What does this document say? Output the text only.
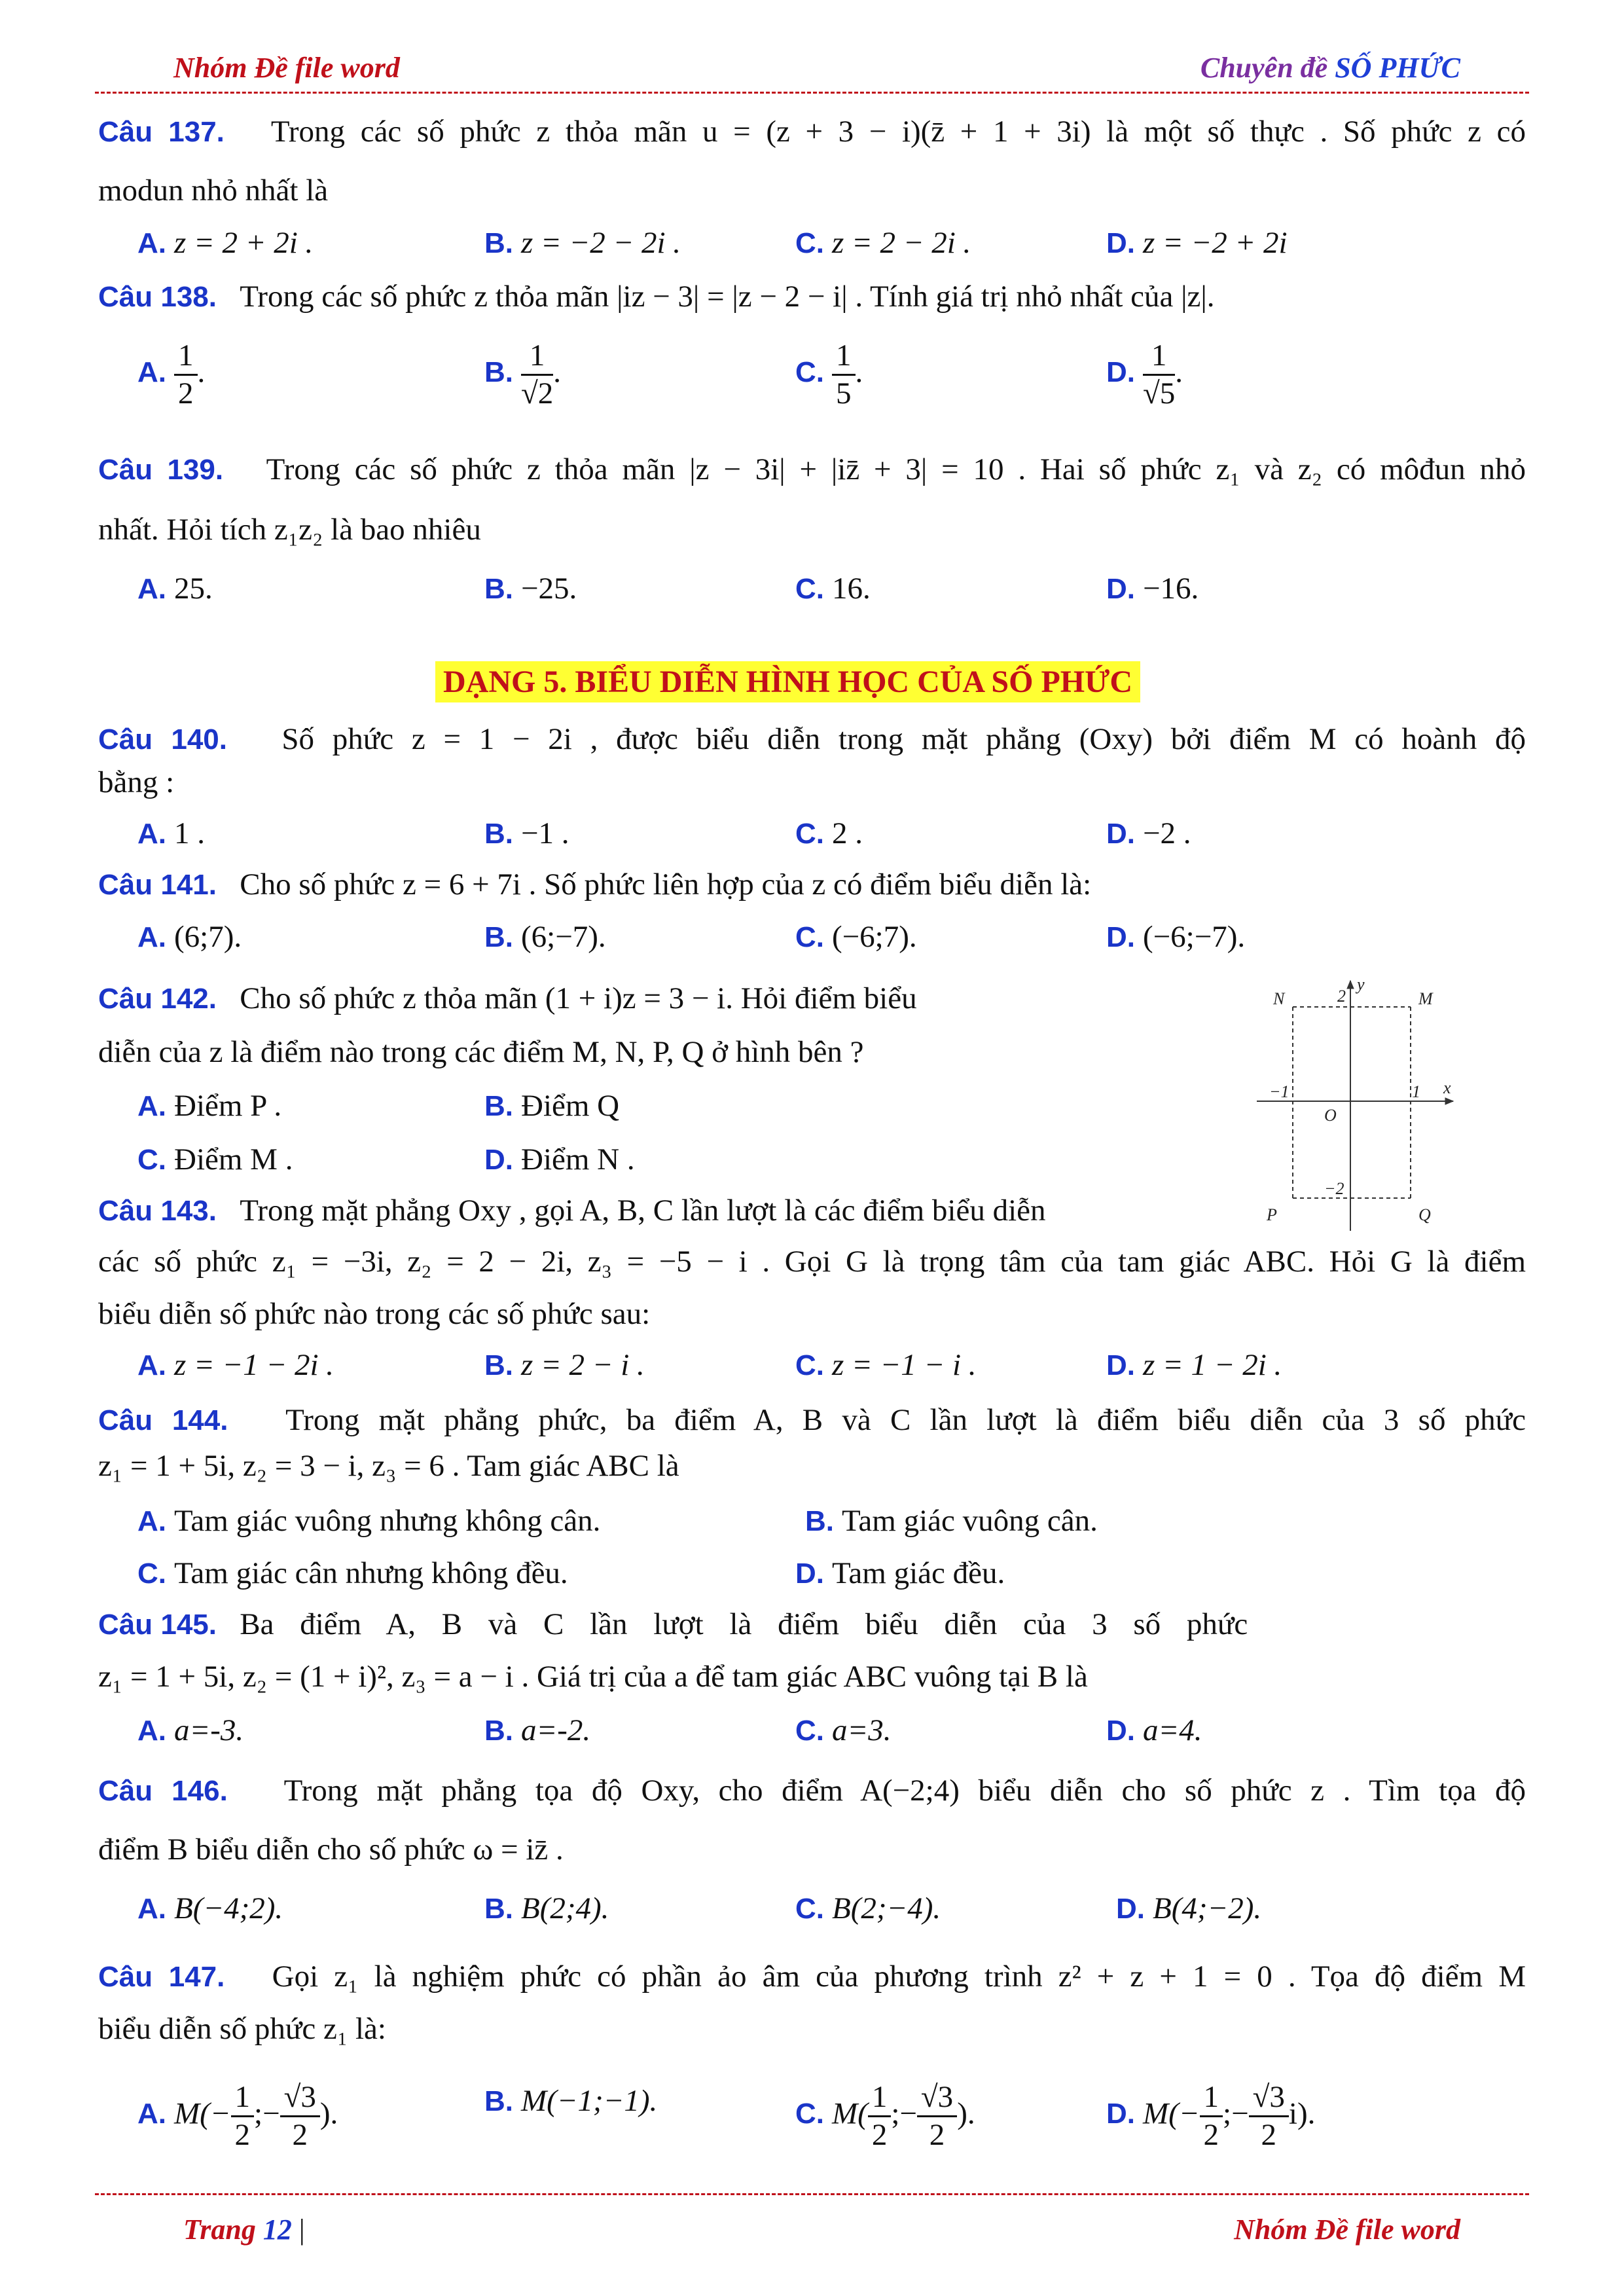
Nhóm Đề file word	Chuyên đề SỐ PHỨC
Câu 137. Trong các số phức z thỏa mãn u = (z + 3 − i)(z̄ + 1 + 3i) là một số thực . Số phức z có
modun nhỏ nhất là
A. z = 2 + 2i .	B. z = −2 − 2i .	C. z = 2 − 2i .	D. z = −2 + 2i
Câu 138. Trong các số phức z thỏa mãn |iz − 3| = |z − 2 − i| . Tính giá trị nhỏ nhất của |z|.
A. $\frac{1}{2}$ .	B. $\frac{1}{√2}$ .	C. $\frac{1}{5}$ .	D. $\frac{1}{√5}$ .
Câu 139. Trong các số phức z thỏa mãn |z − 3i| + |iz̄ + 3| = 10 . Hai số phức z₁ và z₂ có môđun nhỏ
nhất. Hỏi tích z₁z₂ là bao nhiêu
A. 25.	B. −25.	C. 16.	D. −16.
DẠNG 5. BIỂU DIỄN HÌNH HỌC CỦA SỐ PHỨC
Câu 140. Số phức z = 1 − 2i , được biểu diễn trong mặt phẳng (Oxy) bởi điểm M có hoành độ
bằng :
A. 1 .	B. −1 .	C. 2 .	D. −2 .
Câu 141. Cho số phức z = 6 + 7i . Số phức liên hợp của z có điểm biểu diễn là:
A. (6;7).	B. (6;−7).	C. (−6;7).	D. (−6;−7).
Câu 142. Cho số phức z thỏa mãn (1 + i)z = 3 − i. Hỏi điểm biểu
diễn của z là điểm nào trong các điểm M, N, P, Q ở hình bên ?
A. Điểm P .	B. Điểm Q
C. Điểm M .	D. Điểm N .
y
x
O
2
−2
1
−1
N	M
P	Q
Câu 143. Trong mặt phẳng Oxy , gọi A, B, C lần lượt là các điểm biểu diễn
các số phức z₁ = −3i, z₂ = 2 − 2i, z₃ = −5 − i . Gọi G là trọng tâm của tam giác ABC. Hỏi G là điểm
biểu diễn số phức nào trong các số phức sau:
A. z = −1 − 2i .	B. z = 2 − i .	C. z = −1 − i .	D. z = 1 − 2i .
Câu 144. Trong mặt phẳng phức, ba điểm A, B và C lần lượt là điểm biểu diễn của 3 số phức
z₁ = 1 + 5i, z₂ = 3 − i, z₃ = 6 . Tam giác ABC là
A. Tam giác vuông nhưng không cân.	B. Tam giác vuông cân.
C. Tam giác cân nhưng không đều.	D. Tam giác đều.
Câu 145. Ba điểm A, B và C lần lượt là điểm biểu diễn của 3 số phức
z₁ = 1 + 5i, z₂ = (1 + i)², z₃ = a − i . Giá trị của a để tam giác ABC vuông tại B là
A. a=-3.	B. a=-2.	C. a=3.	D. a=4.
Câu 146. Trong mặt phẳng tọa độ Oxy, cho điểm A(−2;4) biểu diễn cho số phức z . Tìm tọa độ
điểm B biểu diễn cho số phức ω = iz̄ .
A. B(−4;2).	B. B(2;4).	C. B(2;−4).	D. B(4;−2).
Câu 147. Gọi z₁ là nghiệm phức có phần ảo âm của phương trình z² + z + 1 = 0 . Tọa độ điểm M
biểu diễn số phức z₁ là:
A. $M(- \frac{1}{2}$ ;− $\frac{√3}{2}$ ).	B. M(−1;−1).	C. $M( \frac{1}{2}$ ;− $\frac{√3}{2}$ ).	D. $M(- \frac{1}{2}$ ;− $\frac{√3}{2} i$).
Trang 12 |	Nhóm Đề file word
